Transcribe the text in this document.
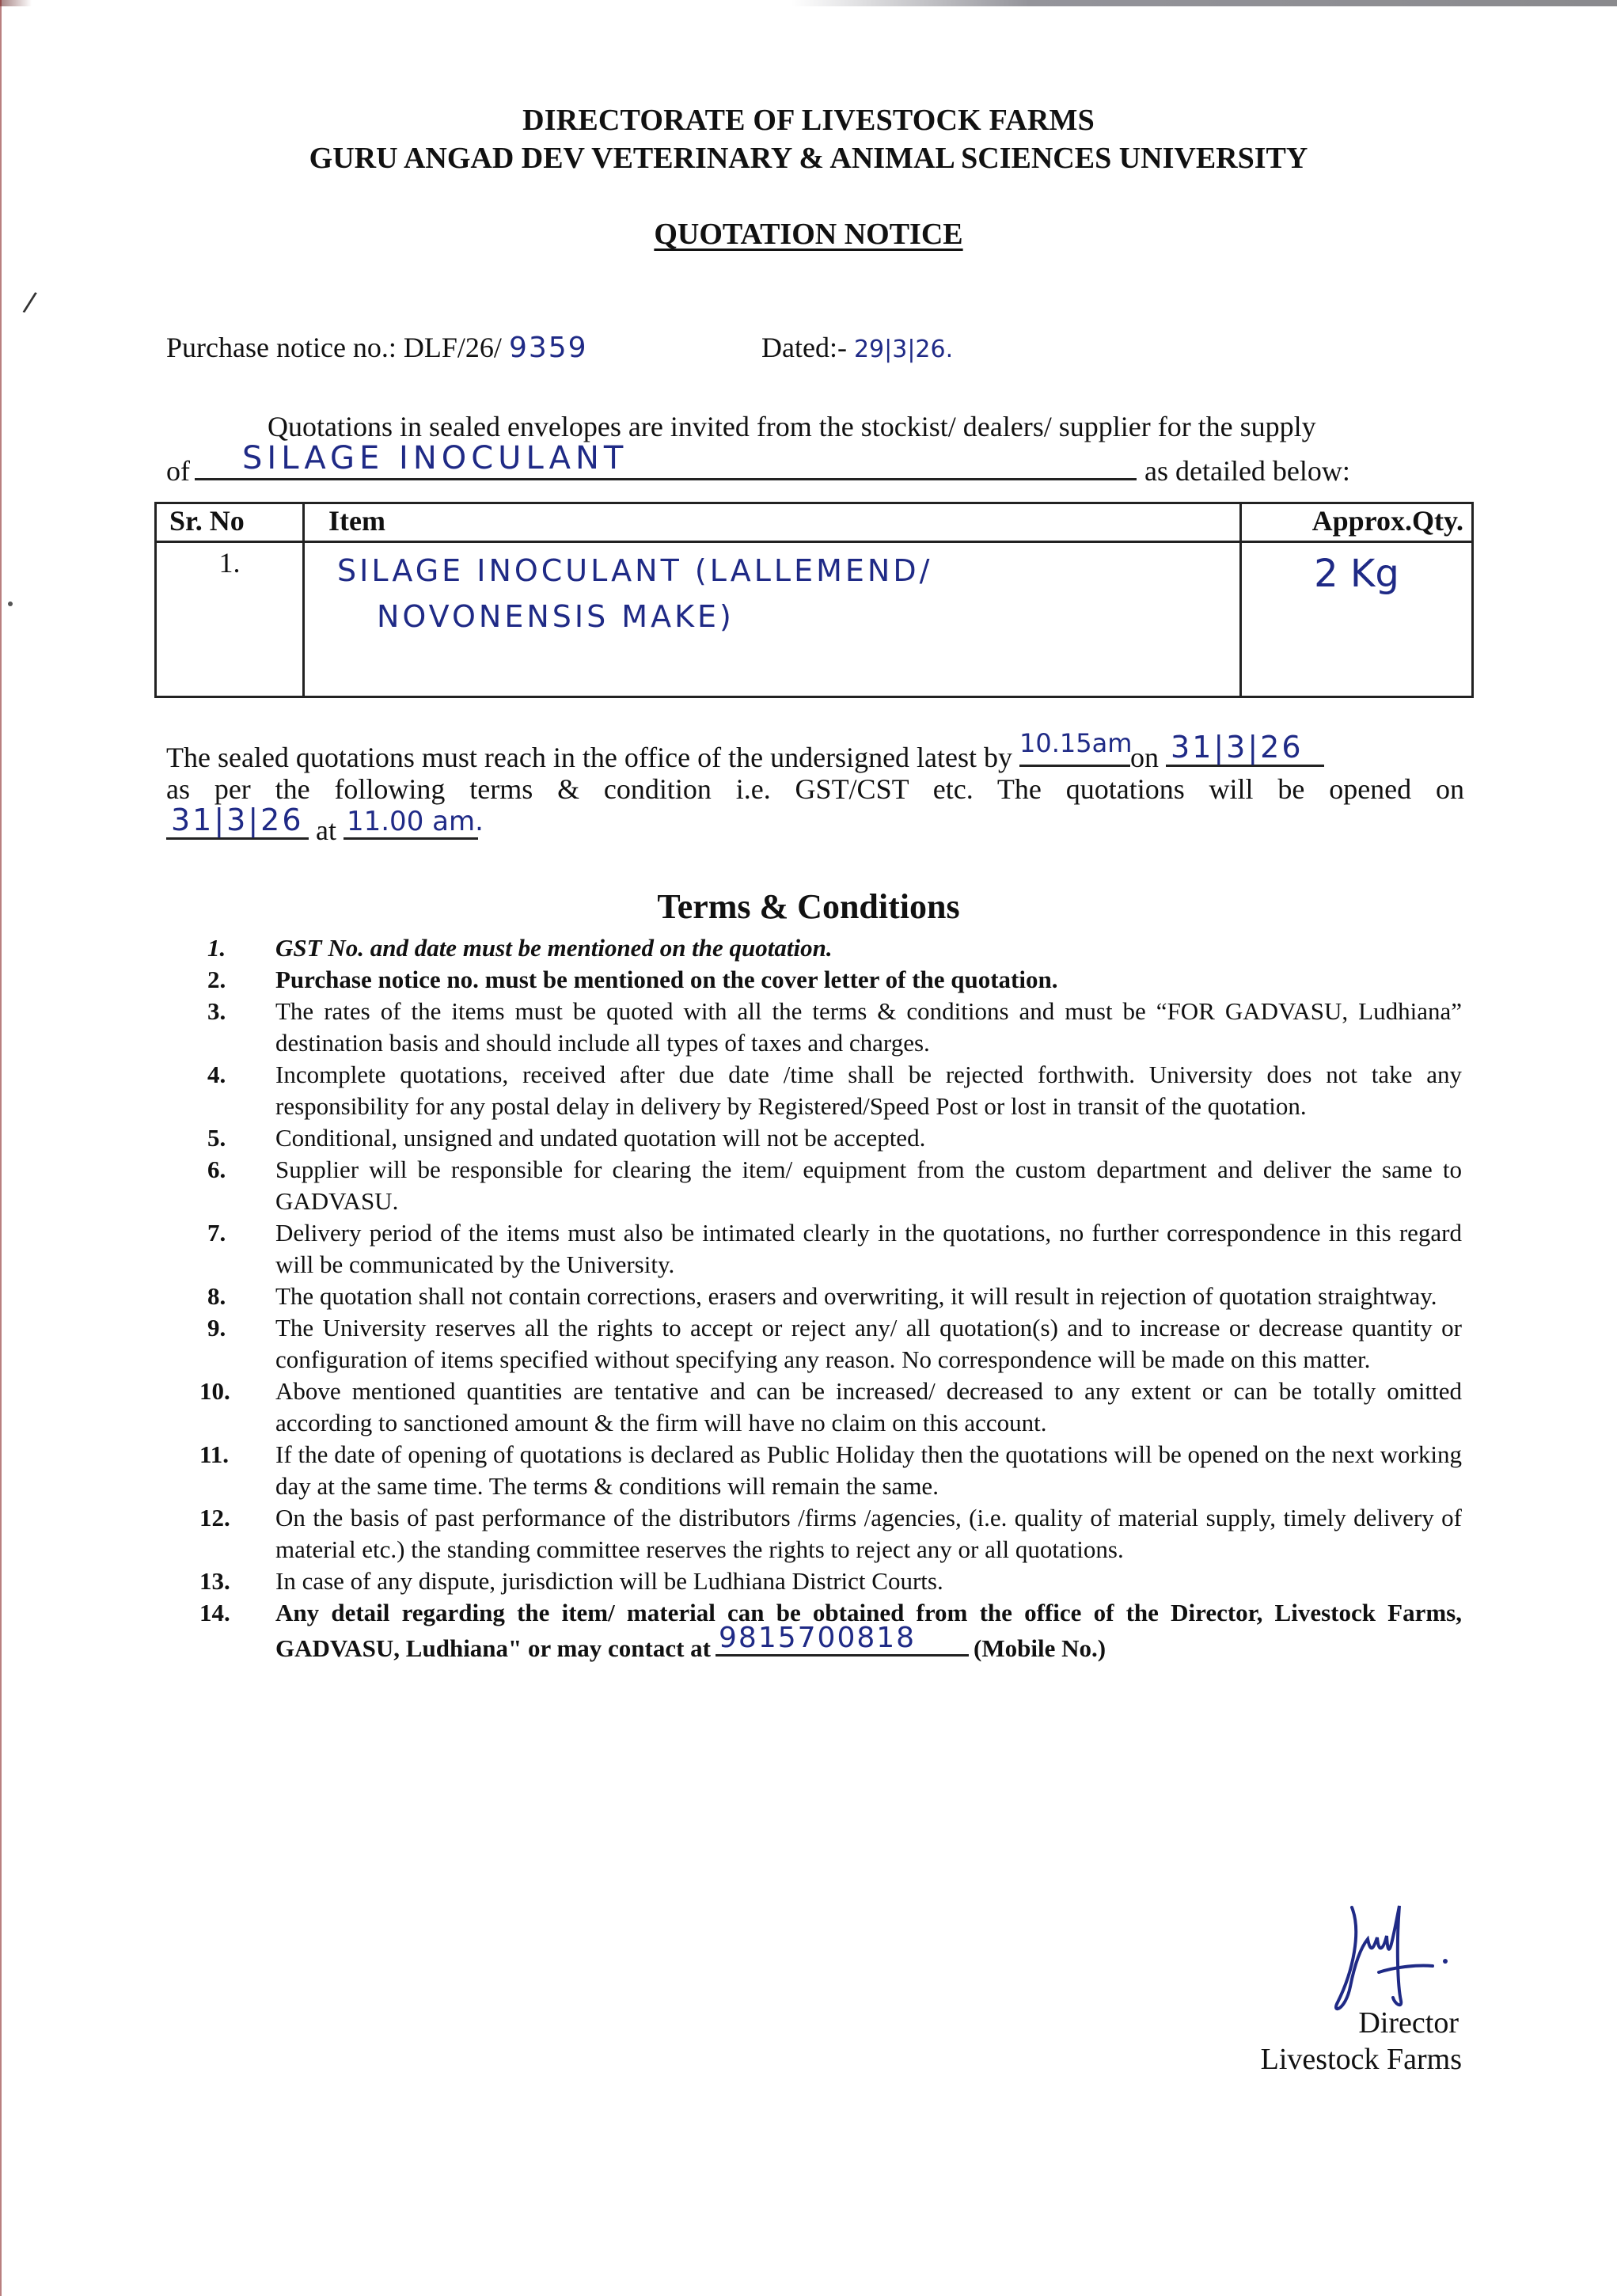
/
DIRECTORATE OF LIVESTOCK FARMS
GURU ANGAD DEV VETERINARY & ANIMAL SCIENCES UNIVERSITY
QUOTATION NOTICE
Purchase notice no.: DLF/26/ 9359	Dated:- 29|3|26.
Quotations in sealed envelopes are invited from the stockist/ dealers/ supplier for the supply
of SILAGE INOCULANT	as detailed below:
Sr. No	Item	Approx.Qty.
1.	SILAGE INOCULANT (LALLEMEND/
NOVONENSIS MAKE)	2 Kg
The sealed quotations must reach in the office of the undersigned latest by 10.15am
on 31|3|26
as per the following terms & condition i.e. GST/CST etc. The quotations will be opened on
31|3|26 at 11.00 am.
Terms & Conditions
1.	GST No. and date must be mentioned on the quotation.
2.	Purchase notice no. must be mentioned on the cover letter of the quotation.
3.	The rates of the items must be quoted with all the terms & conditions and must be “FOR GADVASU, Ludhiana” destination basis and should include all types of taxes and charges.
4.	Incomplete quotations, received after due date /time shall be rejected forthwith. University does not take any responsibility for any postal delay in delivery by Registered/Speed Post or lost in transit of the quotation.
5.	Conditional, unsigned and undated quotation will not be accepted.
6.	Supplier will be responsible for clearing the item/ equipment from the custom department and deliver the same to GADVASU.
7.	Delivery period of the items must also be intimated clearly in the quotations, no further correspondence in this regard will be communicated by the University.
8.	The quotation shall not contain corrections, erasers and overwriting, it will result in rejection of quotation straightway.
9.	The University reserves all the rights to accept or reject any/ all quotation(s) and to increase or decrease quantity or configuration of items specified without specifying any reason. No correspondence will be made on this matter.
10.	Above mentioned quantities are tentative and can be increased/ decreased to any extent or can be totally omitted according to sanctioned amount & the firm will have no claim on this account.
11.	If the date of opening of quotations is declared as Public Holiday then the quotations will be opened on the next working day at the same time. The terms & conditions will remain the same.
12.	On the basis of past performance of the distributors /firms /agencies, (i.e. quality of material supply, timely delivery of material etc.) the standing committee reserves the rights to reject any or all quotations.
13.	In case of any dispute, jurisdiction will be Ludhiana District Courts.
14.	Any detail regarding the item/ material can be obtained from the office of the Director, Livestock Farms, GADVASU, Ludhiana" or may contact at 9815700818 (Mobile No.)
Director
Livestock Farms
